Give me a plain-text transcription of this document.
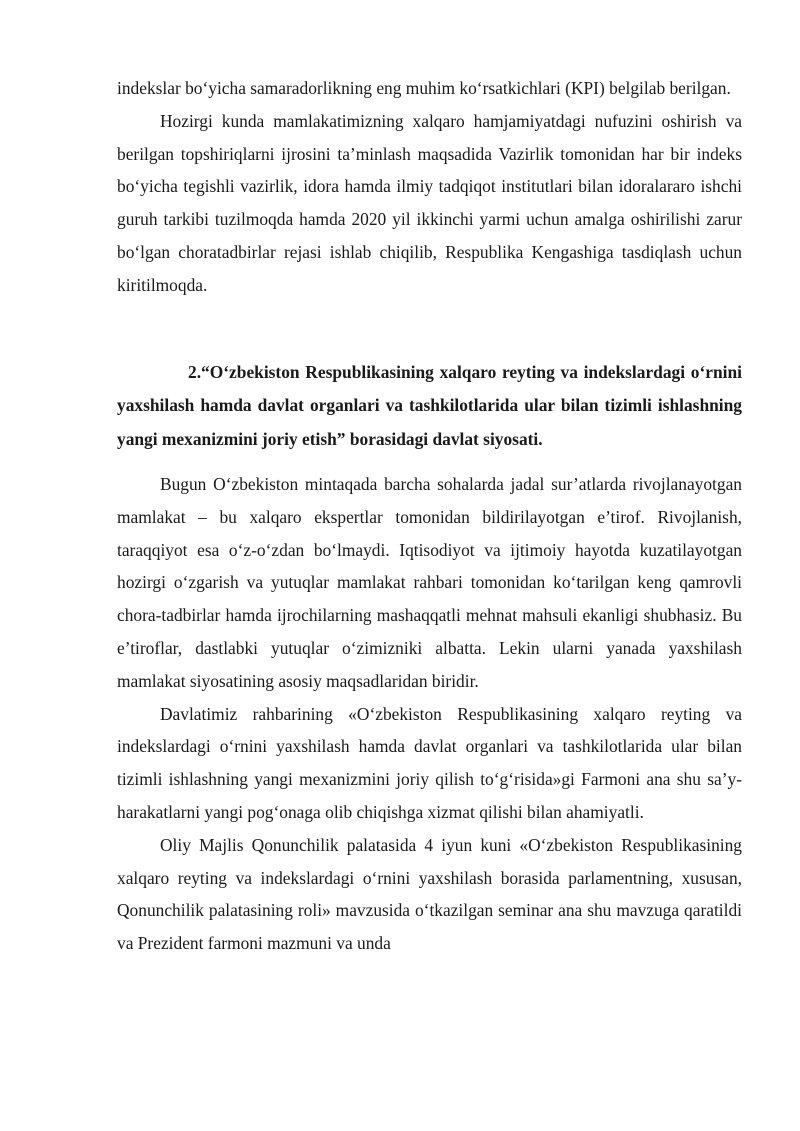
indekslar bo‘yicha samaradorlikning eng muhim ko‘rsatkichlari (KPI) belgilab berilgan.

Hozirgi kunda mamlakatimizning xalqaro hamjamiyatdagi nufuzini oshirish va berilgan topshiriqlarni ijrosini ta’minlash maqsadida Vazirlik tomonidan har bir indeks bo‘yicha tegishli vazirlik, idora hamda ilmiy tadqiqot institutlari bilan idoralararo ishchi guruh tarkibi tuzilmoqda hamda 2020 yil ikkinchi yarmi uchun amalga oshirilishi zarur bo‘lgan choratadbirlar rejasi ishlab chiqilib, Respublika Kengashiga tasdiqlash uchun kiritilmoqda.

2.“O‘zbekiston Respublikasining xalqaro reyting va indekslardagi o‘rnini yaxshilash hamda davlat organlari va tashkilotlarida ular bilan tizimli ishlashning yangi mexanizmini joriy etish” borasidagi davlat siyosati.

Bugun O‘zbekiston mintaqada barcha sohalarda jadal sur’atlarda rivojlanayotgan mamlakat – bu xalqaro ekspertlar tomonidan bildirilayotgan e’tirof. Rivojlanish, taraqqiyot esa o‘z-o‘zdan bo‘lmaydi. Iqtisodiyot va ijtimoiy hayotda kuzatilayotgan hozirgi o‘zgarish va yutuqlar mamlakat rahbari tomonidan ko‘tarilgan keng qamrovli chora-tadbirlar hamda ijrochilarning mashaqqatli mehnat mahsuli ekanligi shubhasiz. Bu e’tiroflar, dastlabki yutuqlar o‘zimizniki albatta. Lekin ularni yanada yaxshilash mamlakat siyosatining asosiy maqsadlaridan biridir.

Davlatimiz rahbarining «O‘zbekiston Respublikasining xalqaro reyting va indekslardagi o‘rnini yaxshilash hamda davlat organlari va tashkilotlarida ular bilan tizimli ishlashning yangi mexanizmini joriy qilish to‘g‘risida»gi Farmoni ana shu sa’y-harakatlarni yangi pog‘onaga olib chiqishga xizmat qilishi bilan ahamiyatli.

Oliy Majlis Qonunchilik palatasida 4 iyun kuni «O‘zbekiston Respublikasining xalqaro reyting va indekslardagi o‘rnini yaxshilash borasida parlamentning, xususan, Qonunchilik palatasining roli» mavzusida o‘tkazilgan seminar ana shu mavzuga qaratildi va Prezident farmoni mazmuni va unda
